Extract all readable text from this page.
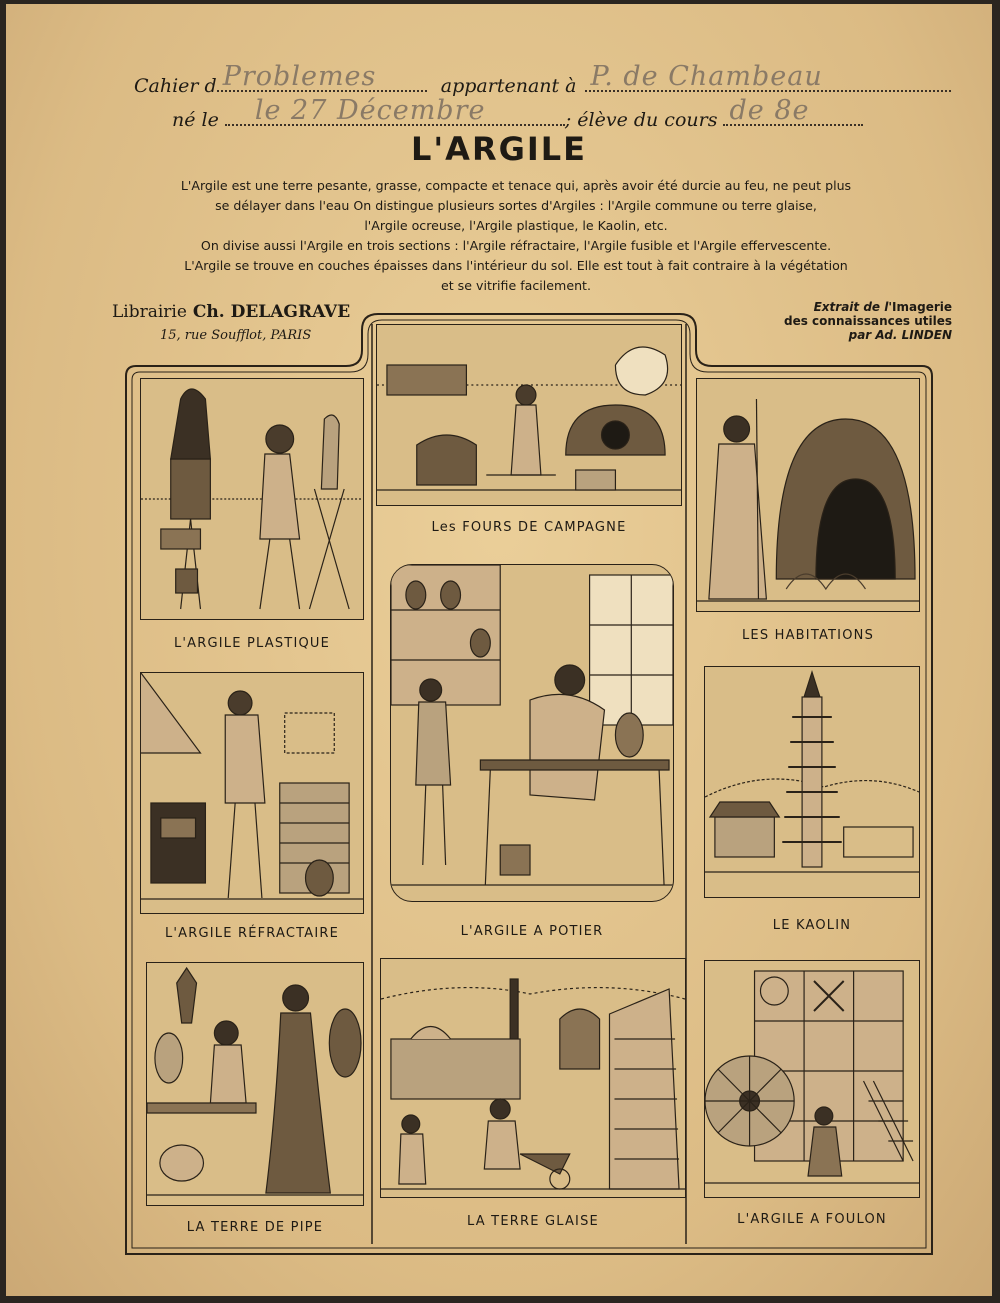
Cahier d Problemes	appartenant à P. de Chambeau
né le le 27 Décembre	; élève du cours de 8e
L'ARGILE
L'Argile est une terre pesante, grasse, compacte et tenace qui, après avoir été durcie au feu, ne peut plus
se délayer dans l'eau On distingue plusieurs sortes d'Argiles : l'Argile commune ou terre glaise,
l'Argile ocreuse, l'Argile plastique, le Kaolin, etc.
On divise aussi l'Argile en trois sections : l'Argile réfractaire, l'Argile fusible et l'Argile effervescente.
L'Argile se trouve en couches épaisses dans l'intérieur du sol. Elle est tout à fait contraire à la végétation
et se vitrifie facilement.
Librairie Ch. DELAGRAVE
15, rue Soufflot, PARIS
Extrait de l'Imagerie
des connaissances utiles
par Ad. LINDEN
L'ARGILE PLASTIQUE
Les FOURS DE CAMPAGNE
LES HABITATIONS
L'ARGILE RÉFRACTAIRE	L'ARGILE A POTIER	LE KAOLIN
LA TERRE DE PIPE	LA TERRE GLAISE	L'ARGILE A FOULON
